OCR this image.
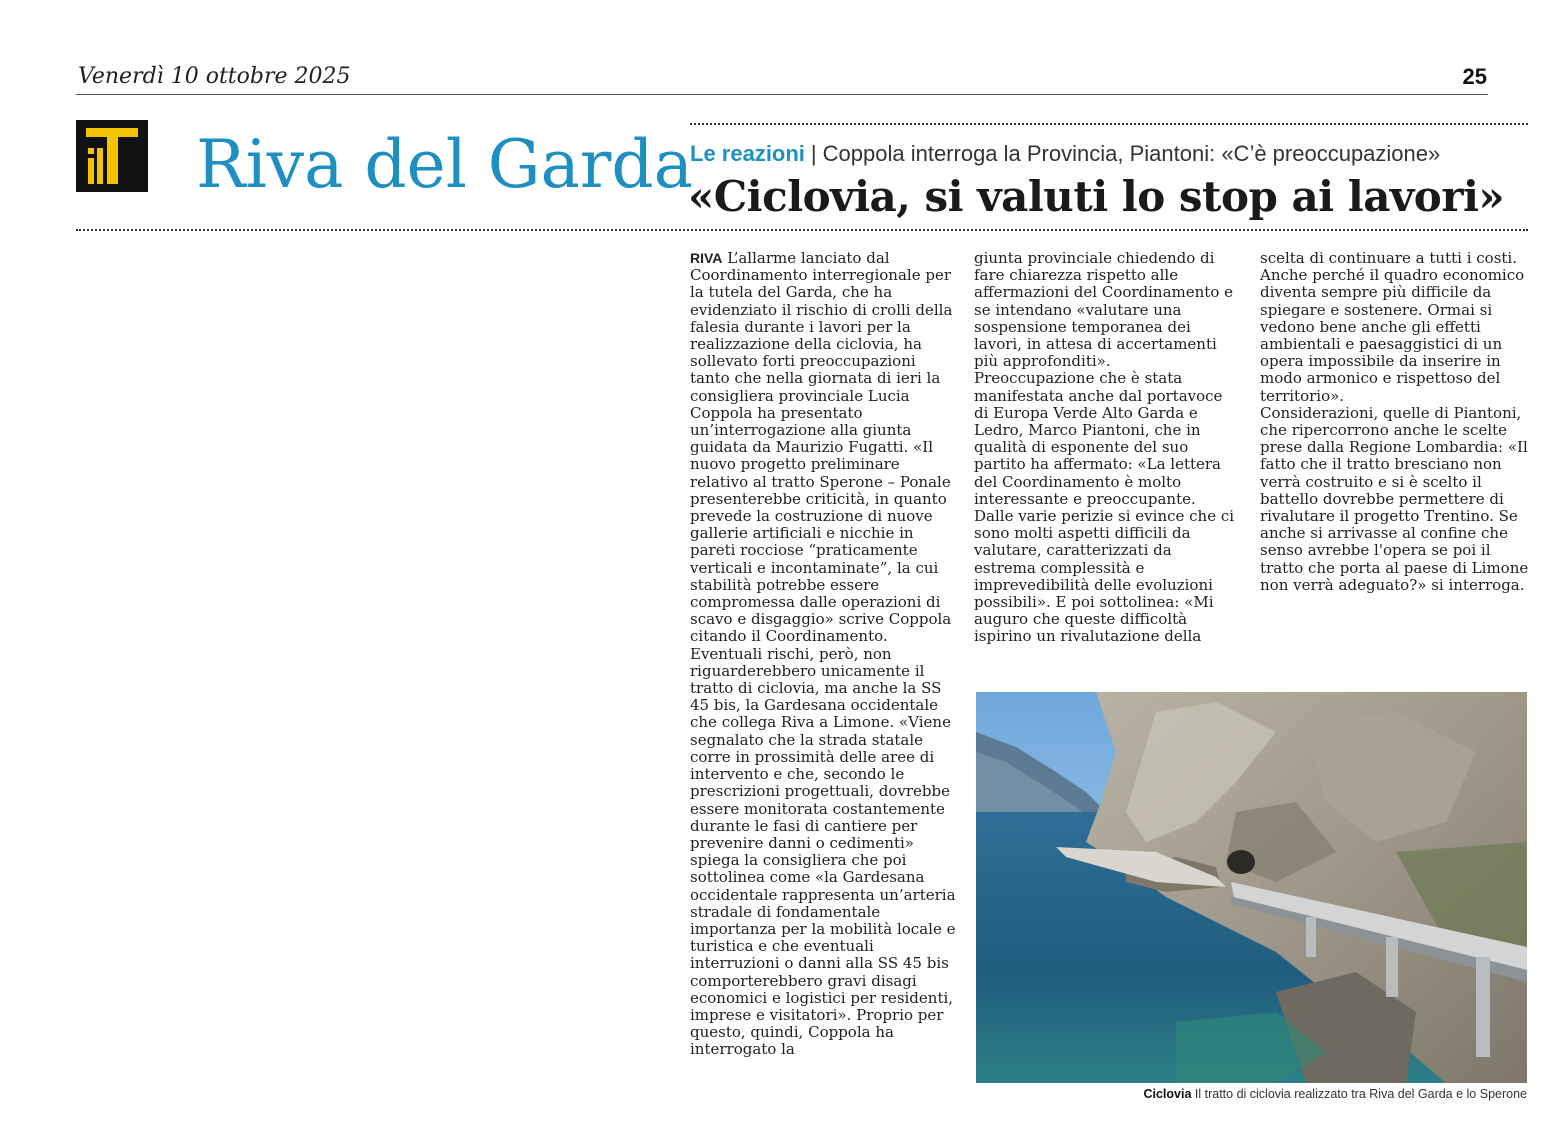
Venerdì 10 ottobre 2025	25
Riva del Garda
Le reazioni | Coppola interroga la Provincia, Piantoni: «C’è preoccupazione»
«Ciclovia, si valuti lo stop ai lavori»

RIVA L’allarme lanciato dal Coordinamento interregionale per la tutela del Garda, che ha evidenziato il rischio di crolli della falesia durante i lavori per la realizzazione della ciclovia, ha sollevato forti preoccupazioni tanto che nella giornata di ieri la consigliera provinciale Lucia Coppola ha presentato un’interrogazione alla giunta guidata da Maurizio Fugatti. «Il nuovo progetto preliminare relativo al tratto Sperone – Ponale presenterebbe criticità, in quanto prevede la costruzione di nuove gallerie artificiali e nicchie in pareti rocciose “praticamente verticali e incontaminate”, la cui stabilità potrebbe essere compromessa dalle operazioni di scavo e disgaggio» scrive Coppola citando il Coordinamento.

Eventuali rischi, però, non riguarderebbero unicamente il tratto di ciclovia, ma anche la SS 45 bis, la Gardesana occidentale che collega Riva a Limone. «Viene segnalato che la strada statale corre in prossimità delle aree di intervento e che, secondo le prescrizioni progettuali, dovrebbe essere monitorata costantemente durante le fasi di cantiere per prevenire danni o cedimenti» spiega la consigliera che poi sottolinea come «la Gardesana occidentale rappresenta un’arteria stradale di fondamentale importanza per la mobilità locale e turistica e che eventuali interruzioni o danni alla SS 45 bis comporterebbero gravi disagi economici e logistici per residenti, imprese e visitatori». Proprio per questo, quindi, Coppola ha interrogato la

giunta provinciale chiedendo di fare chiarezza rispetto alle affermazioni del Coordinamento e se intendano «valutare una sospensione temporanea dei lavori, in attesa di accertamenti più approfonditi».

Preoccupazione che è stata manifestata anche dal portavoce di Europa Verde Alto Garda e Ledro, Marco Piantoni, che in qualità di esponente del suo partito ha affermato: «La lettera del Coordinamento è molto interessante e preoccupante. Dalle varie perizie si evince che ci sono molti aspetti difficili da valutare, caratterizzati da estrema complessità e imprevedibilità delle evoluzioni possibili». E poi sottolinea: «Mi auguro che queste difficoltà ispirino un rivalutazione della

scelta di continuare a tutti i costi. Anche perché il quadro economico diventa sempre più difficile da spiegare e sostenere. Ormai si vedono bene anche gli effetti ambientali e paesaggistici di un opera impossibile da inserire in modo armonico e rispettoso del territorio».

Considerazioni, quelle di Piantoni, che ripercorrono anche le scelte prese dalla Regione Lombardia: «Il fatto che il tratto bresciano non verrà costruito e si è scelto il battello dovrebbe permettere di rivalutare il progetto Trentino. Se anche si arrivasse al confine che senso avrebbe l'opera se poi il tratto che porta al paese di Limone non verrà adeguato?» si interroga.

Ciclovia Il tratto di ciclovia realizzato tra Riva del Garda e lo Sperone
